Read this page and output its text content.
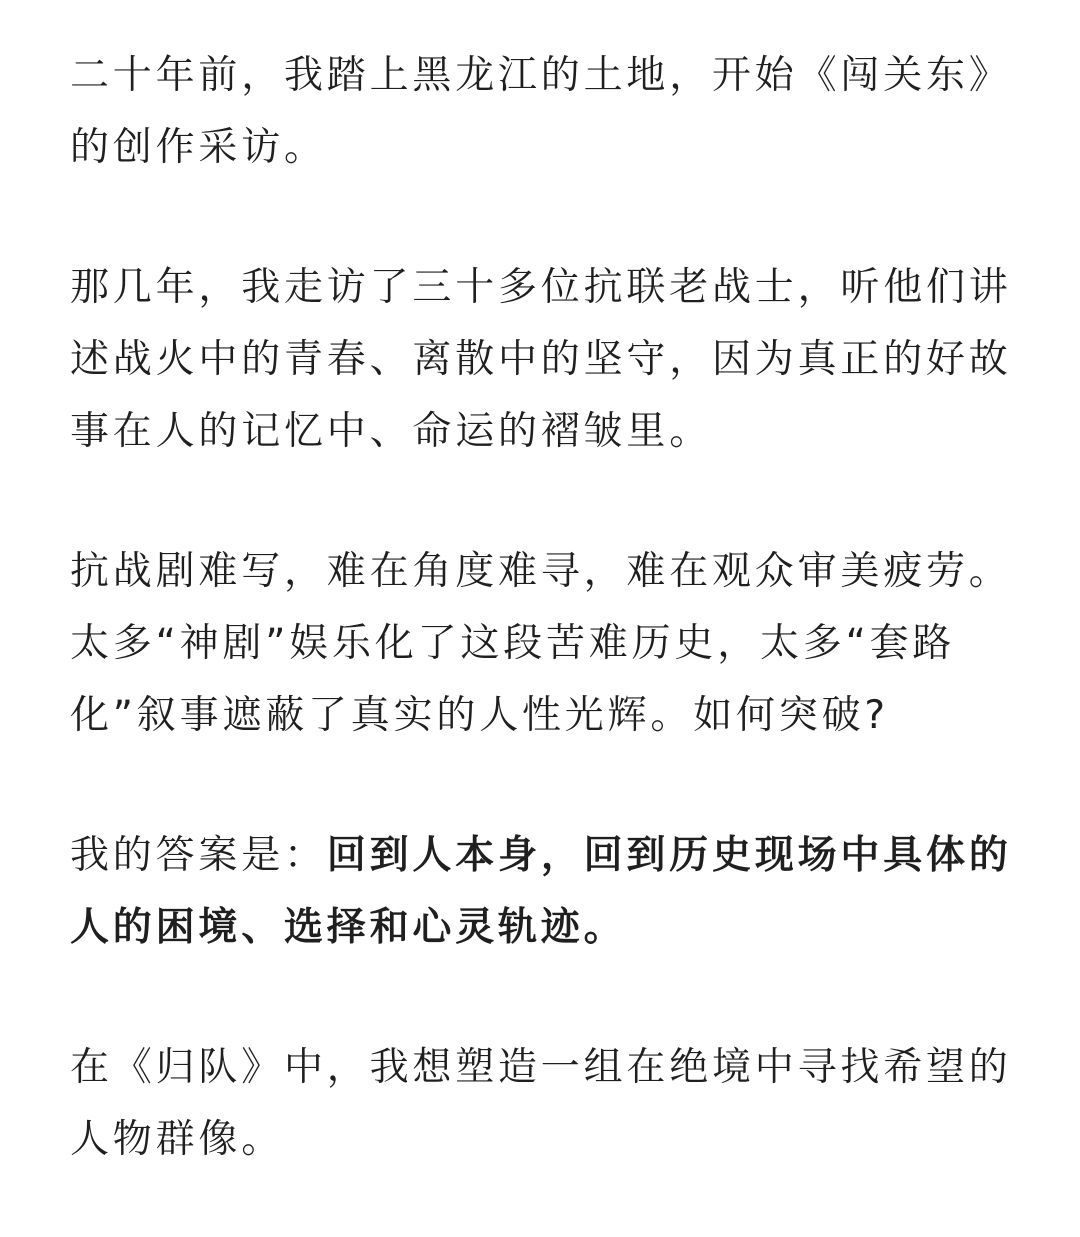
二十年前，我踏上黑龙江的土地，开始《闯关东》
的创作采访。

那几年，我走访了三十多位抗联老战士，听他们讲
述战火中的青春、离散中的坚守，因为真正的好故
事在人的记忆中、命运的褶皱里。

抗战剧难写，难在角度难寻，难在观众审美疲劳。
太多“神剧”娱乐化了这段苦难历史，太多“套路
化”叙事遮蔽了真实的人性光辉。如何突破?

我的答案是：回到人本身，回到历史现场中具体的
人的困境、选择和心灵轨迹。

在《归队》中，我想塑造一组在绝境中寻找希望的
人物群像。
